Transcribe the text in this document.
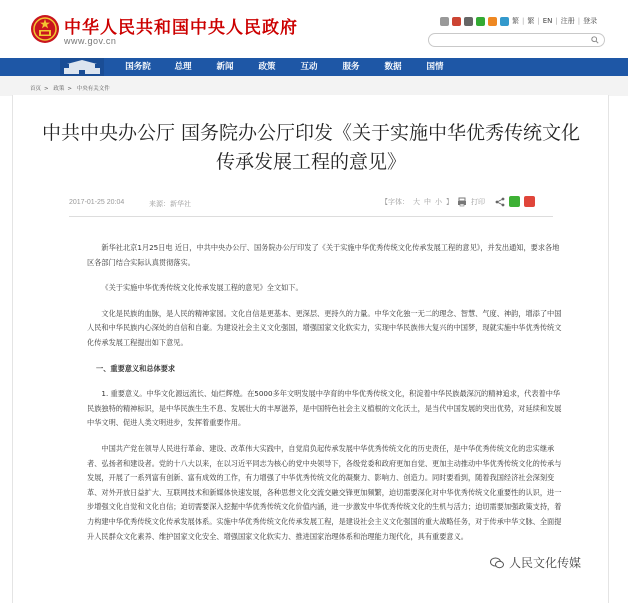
中华人民共和国中央人民政府
www.gov.cn
繁 | 繁 | EN | 注册 | 登录
国务院	总理	新闻	政策	互动	服务	数据	国情
首页 > 政策 > 中央有关文件
中共中央办公厅 国务院办公厅印发《关于实施中华优秀传统文化传承发展工程的意见》
2017-01-25 20:04	来源：新华社	【字体： 大 中 小 】	打印

新华社北京1月25日电 近日，中共中央办公厅、国务院办公厅印发了《关于实施中华优秀传统文化传承发展工程的意见》，并发出通知，要求各地区各部门结合实际认真贯彻落实。

《关于实施中华优秀传统文化传承发展工程的意见》全文如下。

文化是民族的血脉，是人民的精神家园。文化自信是更基本、更深层、更持久的力量。中华文化独一无二的理念、智慧、气度、神韵，增添了中国人民和中华民族内心深处的自信和自豪。为建设社会主义文化强国，增强国家文化软实力，实现中华民族伟大复兴的中国梦，现就实施中华优秀传统文化传承发展工程提出如下意见。

一、重要意义和总体要求

1. 重要意义。中华文化源远流长、灿烂辉煌。在5000多年文明发展中孕育的中华优秀传统文化，积淀着中华民族最深沉的精神追求，代表着中华民族独特的精神标识，是中华民族生生不息、发展壮大的丰厚滋养，是中国特色社会主义植根的文化沃土，是当代中国发展的突出优势，对延续和发展中华文明、促进人类文明进步，发挥着重要作用。

中国共产党在领导人民进行革命、建设、改革伟大实践中，自觉肩负起传承发展中华优秀传统文化的历史责任，是中华优秀传统文化的忠实继承者、弘扬者和建设者。党的十八大以来，在以习近平同志为核心的党中央领导下，各级党委和政府更加自觉、更加主动推动中华优秀传统文化的传承与发展，开展了一系列富有创新、富有成效的工作，有力增强了中华优秀传统文化的凝聚力、影响力、创造力。同时要看到，随着我国经济社会深刻变革、对外开放日益扩大、互联网技术和新媒体快速发展，各种思想文化交流交融交锋更加频繁，迫切需要深化对中华优秀传统文化重要性的认识，进一步增强文化自觉和文化自信；迫切需要深入挖掘中华优秀传统文化价值内涵，进一步激发中华优秀传统文化的生机与活力；迫切需要加强政策支持，着力构建中华优秀传统文化传承发展体系。实施中华优秀传统文化传承发展工程，是建设社会主义文化强国的重大战略任务，对于传承中华文脉、全面提升人民群众文化素养、维护国家文化安全、增强国家文化软实力、推进国家治理体系和治理能力现代化，具有重要意义。

人民文化传媒
